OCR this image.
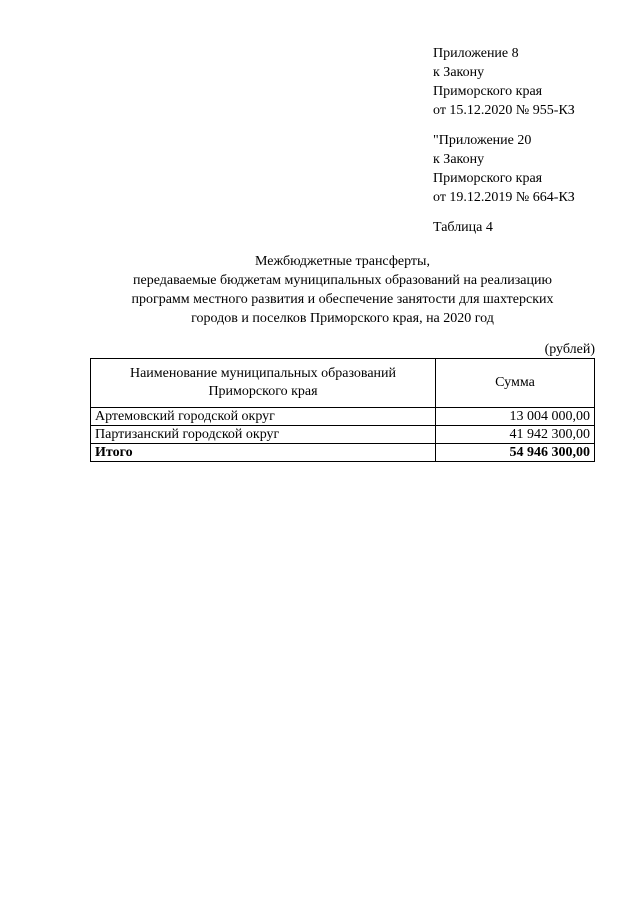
Приложение 8
к Закону
Приморского края
от 15.12.2020 № 955-КЗ
"Приложение 20
к Закону
Приморского края
от 19.12.2019 № 664-КЗ
Таблица 4
Межбюджетные трансферты,
передаваемые бюджетам муниципальных образований на реализацию
программ местного развития и обеспечение занятости для шахтерских
городов и поселков Приморского края, на 2020 год
(рублей)
Наименование муниципальных образований Приморского края	Сумма
Артемовский городской округ	13 004 000,00
Партизанский городской округ	41 942 300,00
Итого	54 946 300,00
